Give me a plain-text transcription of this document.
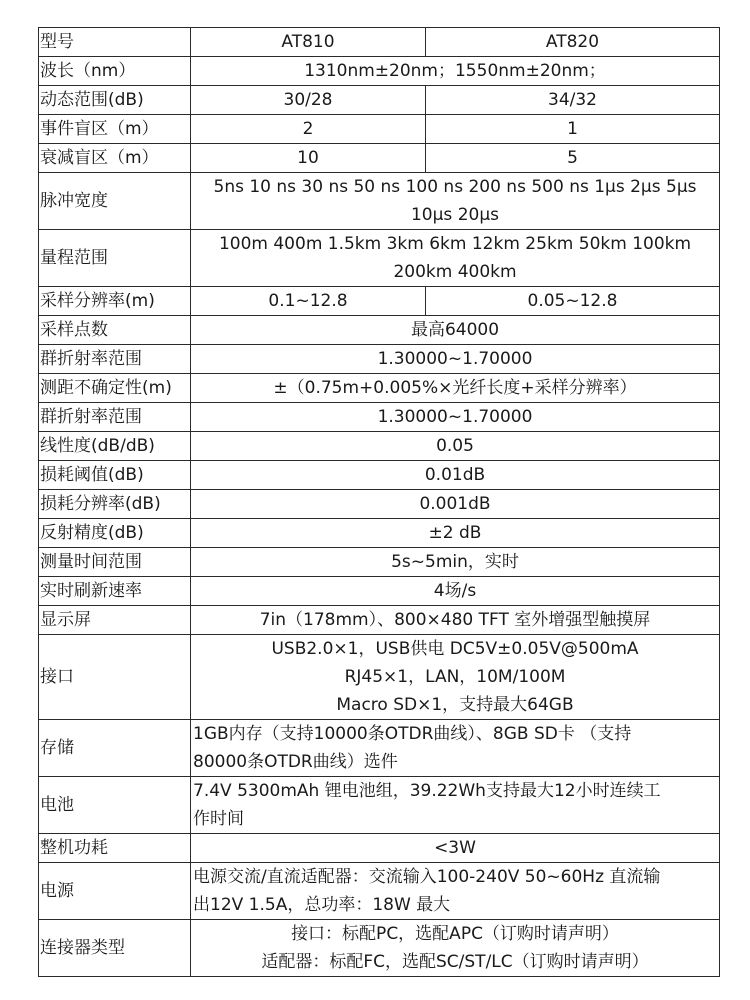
型号	AT810	AT820
波长（nm）	1310nm±20nm；1550nm±20nm；	
动态范围(dB)	30/28	34/32
事件盲区（m）	2	1
衰减盲区（m）	10	5
脉冲宽度	5ns 10 ns 30 ns 50 ns 100 ns 200 ns 500 ns 1μs 2μs 5μs
10μs 20μs	

量程范围	100m 400m 1.5km 3km 6km 12km 25km 50km 100km
200km 400km	

采样分辨率(m)	0.1~12.8	0.05~12.8
采样点数	最高64000	
群折射率范围	1.30000~1.70000	
测距不确定性(m)	±（0.75m+0.005%×光纤长度+采样分辨率）	
群折射率范围	1.30000~1.70000	
线性度(dB/dB)	0.05	
损耗阈值(dB)	0.01dB	
损耗分辨率(dB)	0.001dB	
反射精度(dB)	±2 dB	
测量时间范围	5s~5min，实时	
实时刷新速率	4场/s	
显示屏	7in（178mm）、800×480 TFT 室外增强型触摸屏	
接口	USB2.0×1，USB供电 DC5V±0.05V@500mA
RJ45×1，LAN，10M/100M
Macro SD×1，支持最大64GB	

存储	1GB内存（支持10000条OTDR曲线）、8GB SD卡 （支持
80000条OTDR曲线）选件	

电池	7.4V 5300mAh 锂电池组，39.22Wh支持最大12小时连续工
作时间	

整机功耗	<3W	
电源	电源交流/直流适配器：交流输入100-240V 50~60Hz 直流输
出12V 1.5A，总功率：18W 最大	

连接器类型	接口：标配PC，选配APC（订购时请声明）
适配器：标配FC，选配SC/ST/LC（订购时请声明）	
